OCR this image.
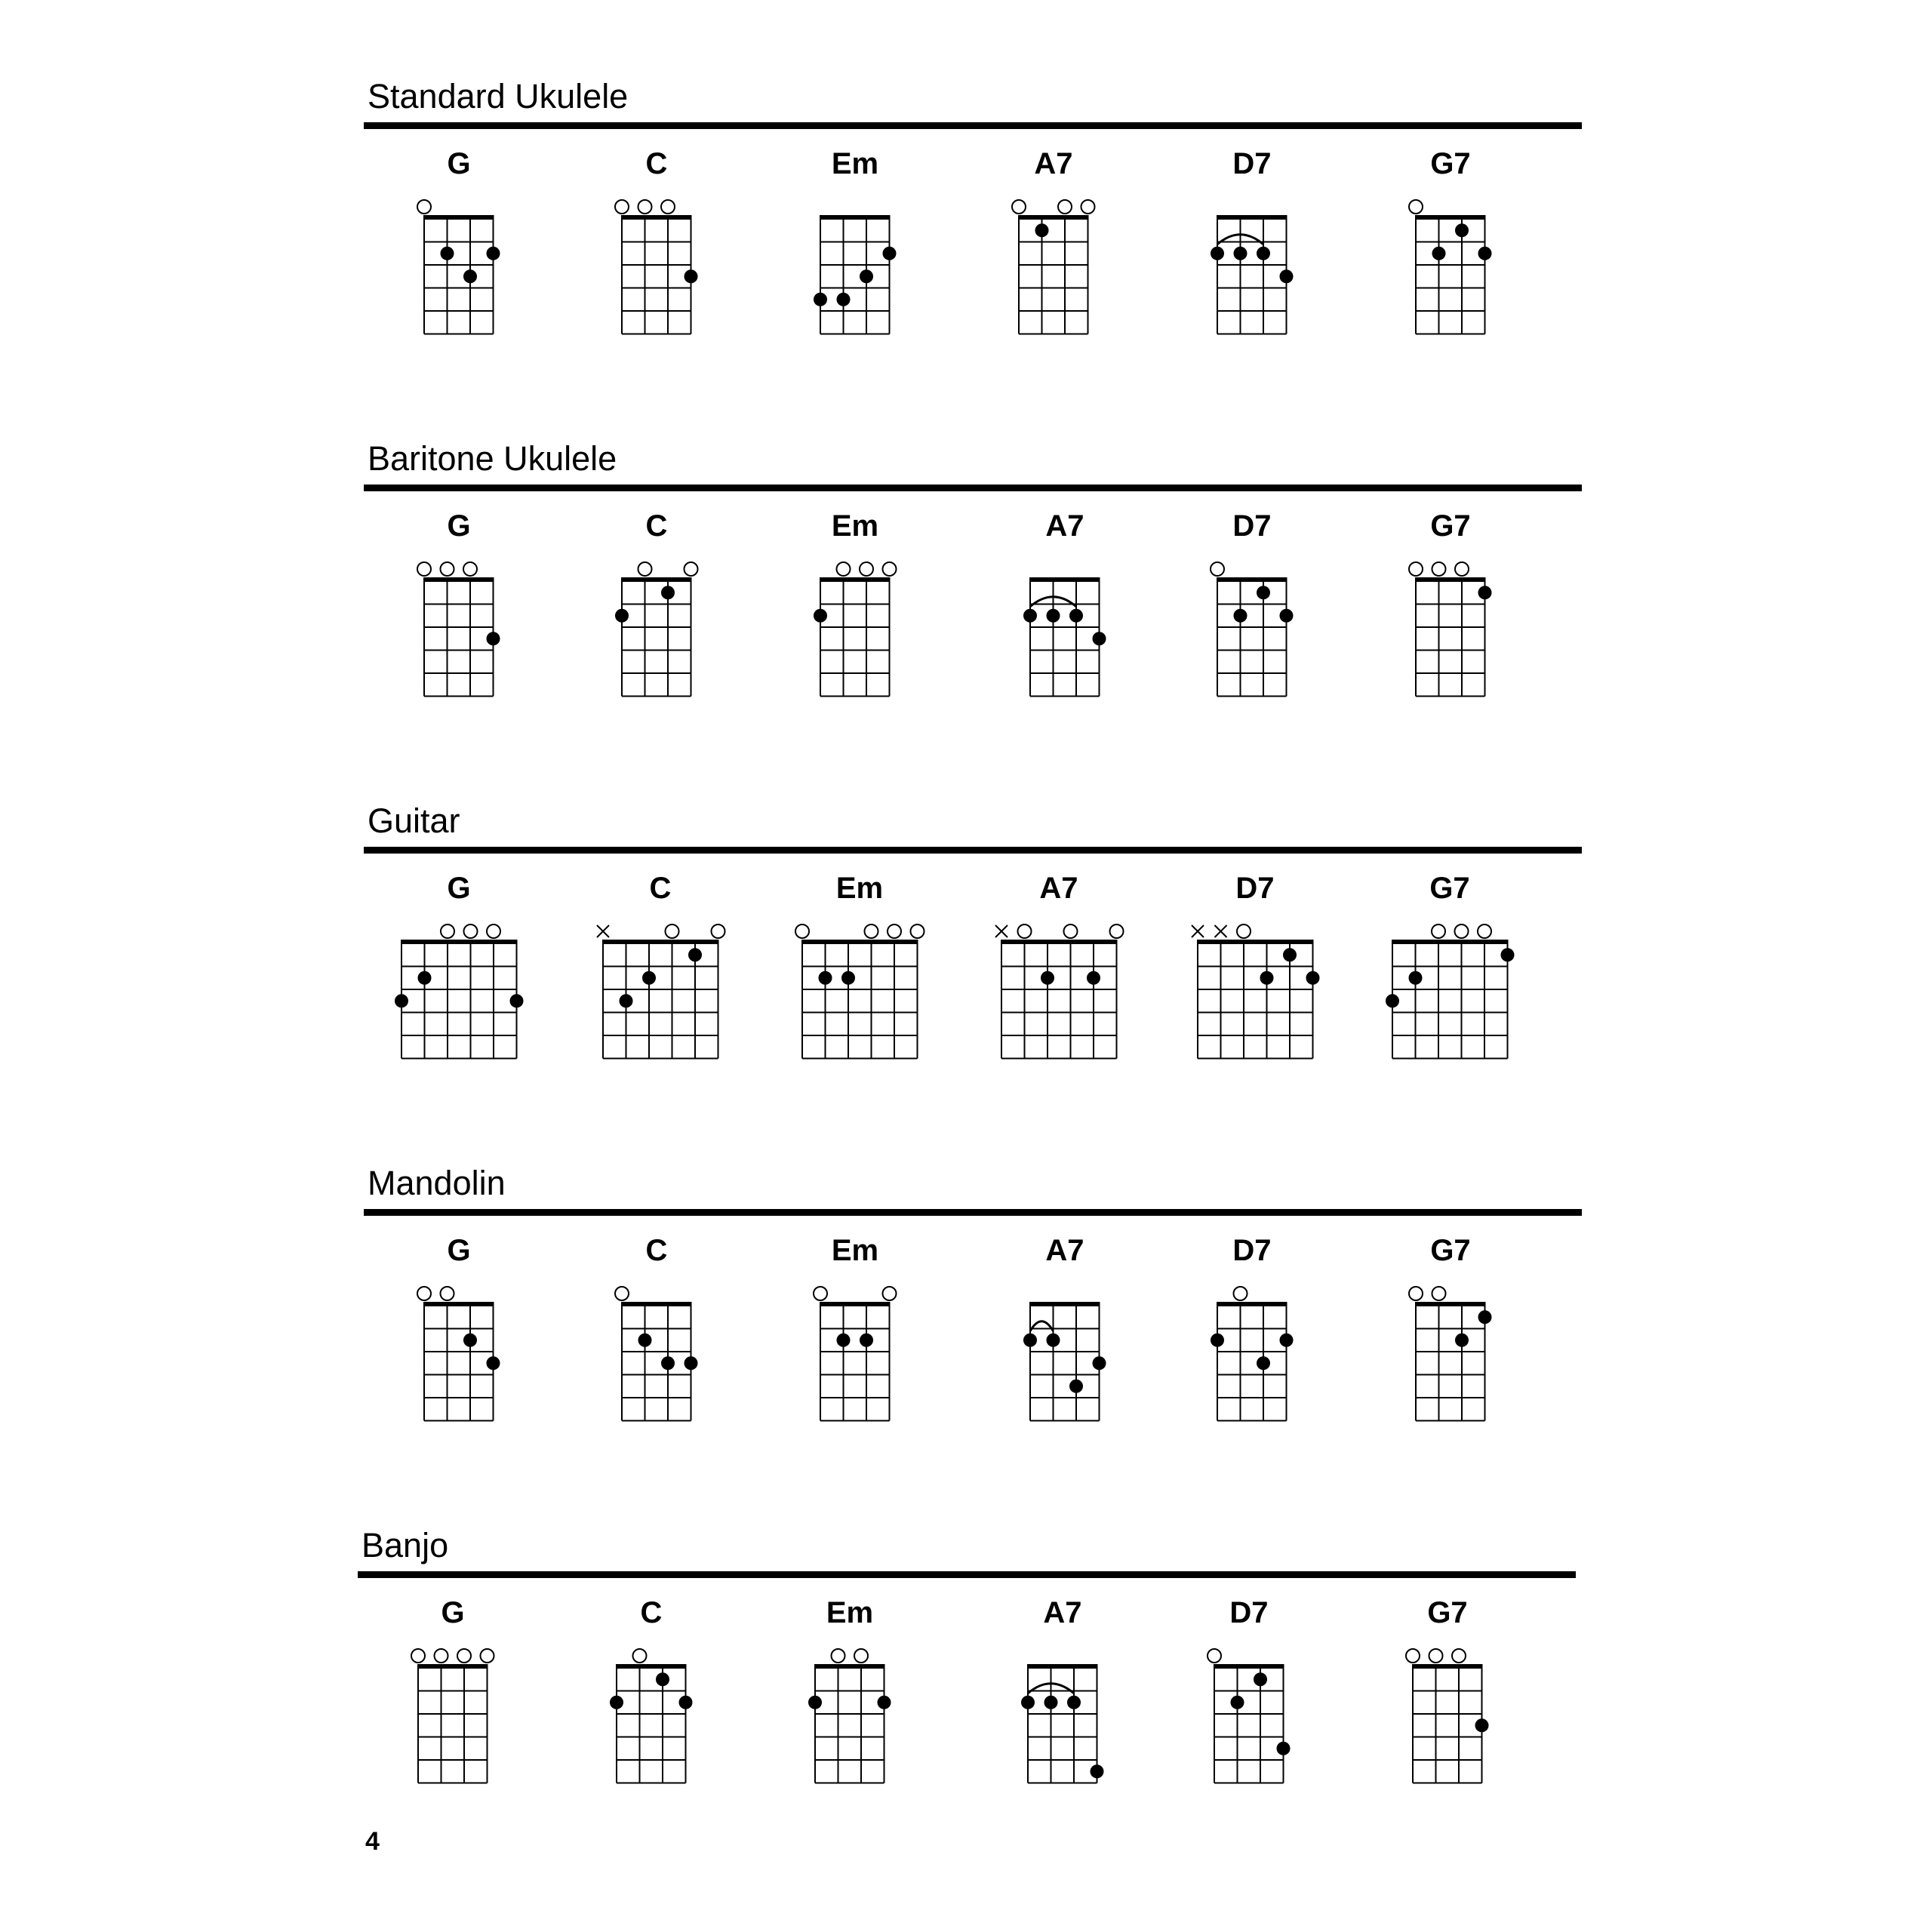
Standard Ukulele
G	C	Em	A7	D7	G7
Baritone Ukulele
G	C	Em	A7	D7	G7
Guitar
G	C	Em	A7	D7	G7
Mandolin
G	C	Em	A7	D7	G7
Banjo
G	C	Em	A7	D7	G7
4
